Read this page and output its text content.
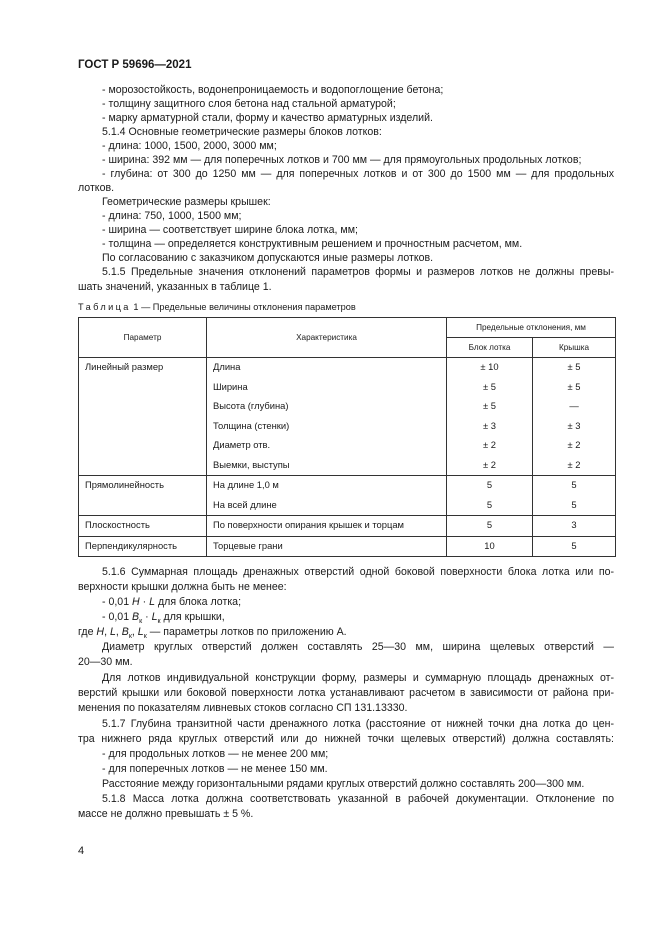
ГОСТ Р 59696—2021
- морозостойкость, водонепроницаемость и водопоглощение бетона;
- толщину защитного слоя бетона над стальной арматурой;
- марку арматурной стали, форму и качество арматурных изделий.
5.1.4 Основные геометрические размеры блоков лотков:
- длина: 1000, 1500, 2000, 3000 мм;
- ширина: 392 мм — для поперечных лотков и 700 мм — для прямоугольных продольных лотков;
- глубина: от 300 до 1250 мм — для поперечных лотков и от 300 до 1500 мм — для продольных
лотков.
Геометрические размеры крышек:
- длина: 750, 1000, 1500 мм;
- ширина — соответствует ширине блока лотка, мм;
- толщина — определяется конструктивным решением и прочностным расчетом, мм.
По согласованию с заказчиком допускаются иные размеры лотков.
Таблица 1 — Предельные величины отклонения параметров
Параметр	Характеристика	Предельные отклонения, мм	
		Блок лотка	Крышка

Линейный размер	Длина	± 10	± 5

	Ширина	± 5	± 5

	Высота (глубина)	± 5	—

	Толщина (стенки)	± 3	± 3

	Диаметр отв.	± 2	± 2

	Выемки, выступы	± 2	± 2

Прямолинейность	На длине 1,0 м	5	5

	На всей длине	5	5

Плоскостность	По поверхности опирания крышек и торцам	5	3

Перпендикулярность	Торцевые грани	10	5
5.1.6 Суммарная площадь дренажных отверстий одной боковой поверхности блока лотка или по-
верхности крышки должна быть не менее:
- 0,01 H · L для блока лотка;
- 0,01 $B_к \cdot L_к$ для крышки,
где H, L, $B_к$, $L_к$ — параметры лотков по приложению А.
Диаметр круглых отверстий должен составлять 25—30 мм, ширина щелевых отверстий —
20—30 мм.
Для лотков индивидуальной конструкции форму, размеры и суммарную площадь дренажных от-
верстий крышки или боковой поверхности лотка устанавливают расчетом в зависимости от района при-
менения по показателям ливневых стоков согласно СП 131.13330.
5.1.7 Глубина транзитной части дренажного лотка (расстояние от нижней точки дна лотка до цен-
тра нижнего ряда круглых отверстий или до нижней точки щелевых отверстий) должна составлять:
- для продольных лотков — не менее 200 мм;
- для поперечных лотков — не менее 150 мм.
Расстояние между горизонтальными рядами круглых отверстий должно составлять 200—300 мм.
5.1.8 Масса лотка должна соответствовать указанной в рабочей документации. Отклонение по
массе не должно превышать ± 5 %.
4
5.1.5 Предельные значения отклонений параметров формы и размеров лотков не должны превы-
шать значений, указанных в таблице 1.
